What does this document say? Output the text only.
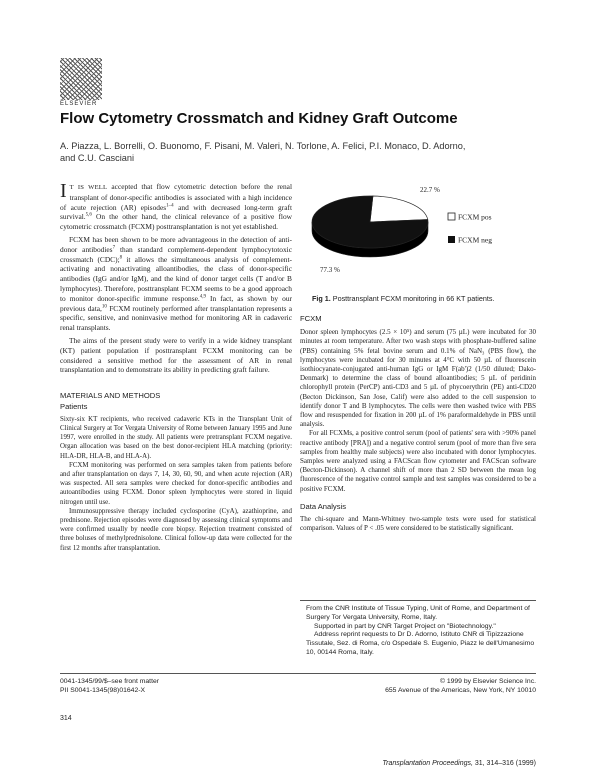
ELSEVIER
Flow Cytometry Crossmatch and Kidney Graft Outcome
A. Piazza, L. Borrelli, O. Buonomo, F. Pisani, M. Valeri, N. Torlone, A. Felici, P.I. Monaco, D. Adorno,
and C.U. Casciani

I T IS WELL accepted that flow cytometric detection before the renal transplant of donor-specific antibodies is associated with a high incidence of acute rejection (AR) episodes$^{1-4}$ and with decreased long-term graft survival.$^{5,6}$ On the other hand, the clinical relevance of a positive flow cytometric crossmatch (FCXM) posttransplantation is not yet established.

FCXM has been shown to be more advantageous in the detection of anti-donor antibodies$^7$ than standard complement-dependent lymphocytotoxic crossmatch (CDC);$^8$ it allows the simultaneous analysis of complement-activating and nonactivating alloantibodies, the class of donor-specific antibodies (IgG and/or IgM), and the kind of donor target cells (T and/or B lymphocytes). Therefore, posttransplant FCXM seems to be a good approach to monitor donor-specific immune response.$^{4,9}$ In fact, as shown by our previous data,$^{10}$ FCXM routinely performed after transplantation represents a specific, sensitive, and noninvasive method for monitoring AR in cadaveric renal transplants.

The aims of the present study were to verify in a wide kidney transplant (KT) patient population if posttransplant FCXM monitoring can be considered a sensitive method for the assessment of AR in renal transplantation and to demonstrate its ability in predicting graft failure.

MATERIALS AND METHODS
Patients

Sixty-six KT recipients, who received cadaveric KTs in the Transplant Unit of Clinical Surgery at Tor Vergata University of Rome between January 1995 and June 1997, were enrolled in the study. All patients were pretransplant FCXM negative. Organ allocation was based on the best donor-recipient HLA matching (priority: HLA-DR, HLA-B, and HLA-A).

FCXM monitoring was performed on sera samples taken from patients before and after transplantation on days 7, 14, 30, 60, 90, and when acute rejection (AR) was suspected. All sera samples were checked for donor-specific antibodies and autoantibodies using FCXM. Donor spleen lymphocytes were stored in liquid nitrogen until use.

Immunosuppressive therapy included cyclosporine (CyA), azathioprine, and prednisone. Rejection episodes were diagnosed by assessing clinical symptoms and were confirmed usually by needle core biopsy. Rejection treatment consisted of three boluses of methylprednisolone. Clinical follow-up data were collected for the first 12 months after transplantation.

22.7 %
77.3 %
FCXM pos
FCXM neg
Fig 1. Posttransplant FCXM monitoring in 66 KT patients.
FCXM

Donor spleen lymphocytes (2.5 × 10⁵) and serum (75 µL) were incubated for 30 minutes at room temperature. After two wash steps with phosphate-buffered saline (PBS) containing 5% fetal bovine serum and 0.1% of NaN₃ (PBS flow), the lymphocytes were incubated for 30 minutes at 4°C with 50 µL of fluorescein isothiocyanate-conjugated anti-human IgG or IgM F(ab')2 (1/50 diluted; Dako-Denmark) to determine the class of bound alloantibodies; 5 µL of peridinin chlorophyll protein (PerCP) anti-CD3 and 5 µL of phycoerythrin (PE) anti-CD20 (Becton Dickinson, San Jose, Calif) were also added to the cell suspension to identify donor T and B lymphocytes. The cells were then washed twice with PBS flow and resuspended for fixation in 200 µL of 1% paraformaldehyde in PBS until analysis.

For all FCXMs, a positive control serum (pool of patients' sera with >90% panel reactive antibody [PRA]) and a negative control serum (pool of more than five sera samples from healthy male subjects) were also incubated with donor lymphocytes. Samples were analyzed using a FACScan flow cytometer and FACScan software (Becton-Dickinson). A channel shift of more than 2 SD between the mean log fluorescence of the negative control sample and test samples was considered to be a positive FCXM.

Data Analysis

The chi-square and Mann-Whitney two-sample tests were used for statistical comparison. Values of P < .05 were considered to be statistically significant.

From the CNR Institute of Tissue Typing, Unit of Rome, and Department of Surgery Tor Vergata University, Rome, Italy.
Supported in part by CNR Target Project on "Biotechnology."
Address reprint requests to Dr D. Adorno, Istituto CNR di Tipizzazione Tissutale, Sez. di Roma, c/o Ospedale S. Eugenio, Piazz le dell'Umanesimo 10, 00144 Roma, Italy.
0041-1345/99/$–see front matter
PII S0041-1345(98)01642-X
© 1999 by Elsevier Science Inc.
655 Avenue of the Americas, New York, NY 10010
314
Transplantation Proceedings, 31, 314–316 (1999)
